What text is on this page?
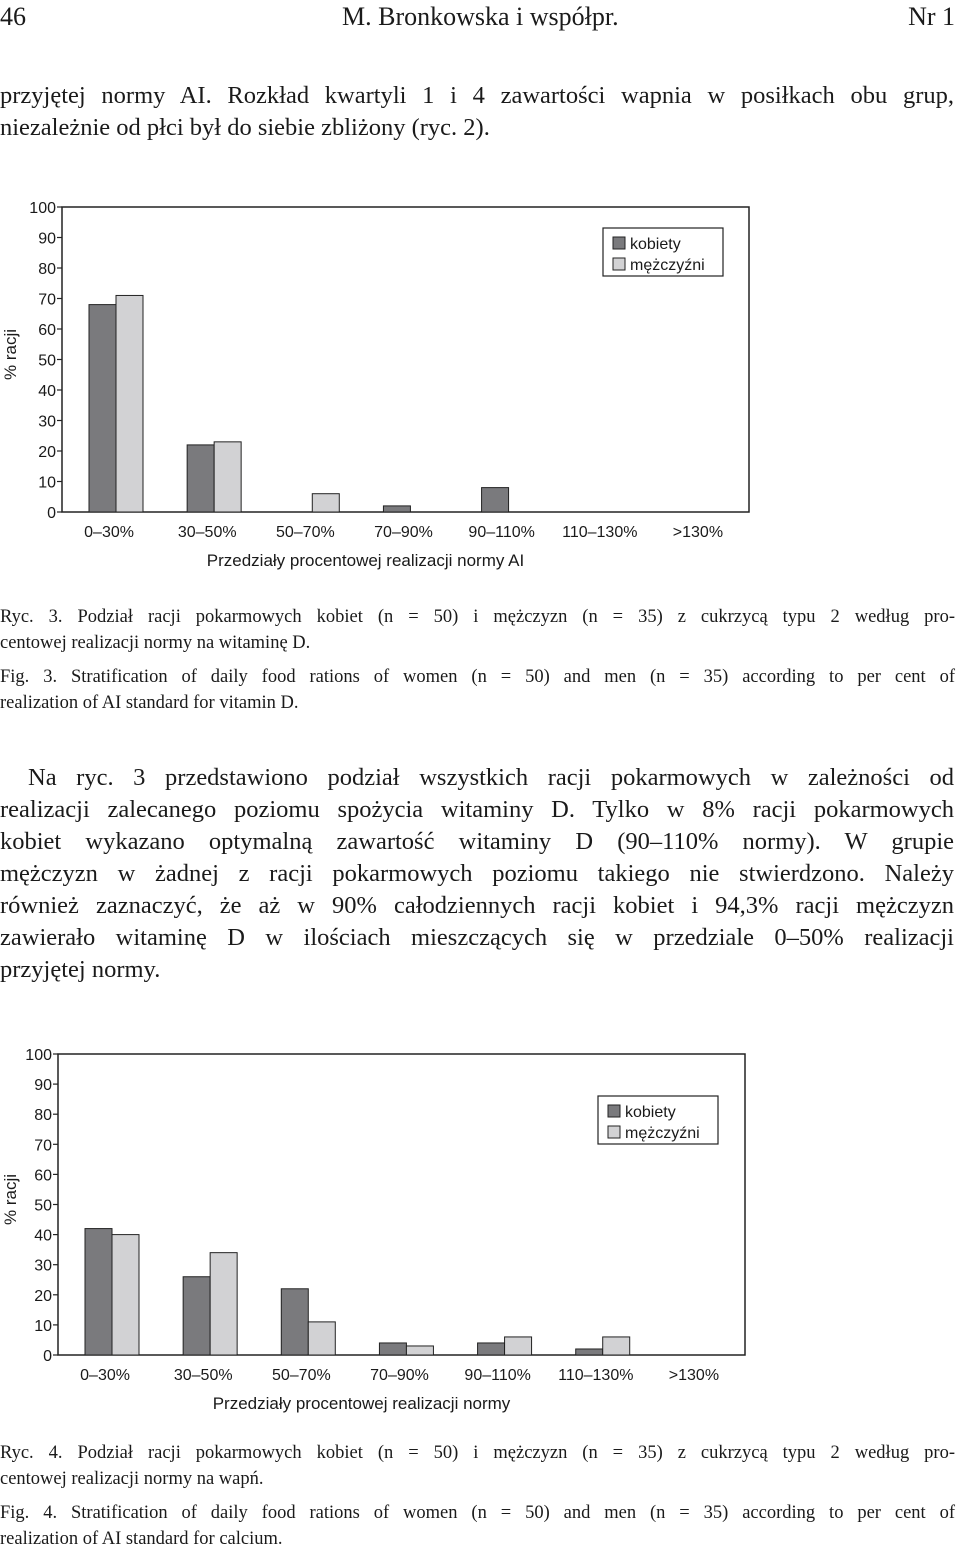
46	M. Bronkowska i współpr.	Nr 1
przyjętej normy AI. Rozkład kwartyli 1 i 4 zawartości wapnia w posiłkach obu grup,
niezależnie od płci był do siebie zbliżony (ryc. 2).
0
10
20
30
40
50
60
70
80
90
100
% racji
0–30%	30–50% 50–70% 70–90% 90–110% 110–130% >130%
Przedziały procentowej realizacji normy AI
kobiety
mężczyźni
Ryc. 3. Podział racji pokarmowych kobiet (n = 50) i mężczyzn (n = 35) z cukrzycą typu 2 według pro-
centowej realizacji normy na witaminę D.
Fig. 3. Stratification of daily food rations of women (n = 50) and men (n = 35) according to per cent of
realization of AI standard for vitamin D.
Na ryc. 3 przedstawiono podział wszystkich racji pokarmowych w zależności od
realizacji zalecanego poziomu spożycia witaminy D. Tylko w 8% racji pokarmowych
kobiet wykazano optymalną zawartość witaminy D (90–110% normy). W grupie
mężczyzn w żadnej z racji pokarmowych poziomu takiego nie stwierdzono. Należy
również zaznaczyć, że aż w 90% całodziennych racji kobiet i 94,3% racji mężczyzn
zawierało witaminę D w ilościach mieszczących się w przedziale 0–50% realizacji
przyjętej normy.
0
10
20
30
40
50
60
70
80
90
100
% racji
0–30%	30–50% 50–70% 70–90% 90–110% 110–130% >130%
Przedziały procentowej realizacji normy
kobiety
mężczyźni
Ryc. 4. Podział racji pokarmowych kobiet (n = 50) i mężczyzn (n = 35) z cukrzycą typu 2 według pro-
centowej realizacji normy na wapń.
Fig. 4. Stratification of daily food rations of women (n = 50) and men (n = 35) according to per cent of
realization of AI standard for calcium.
